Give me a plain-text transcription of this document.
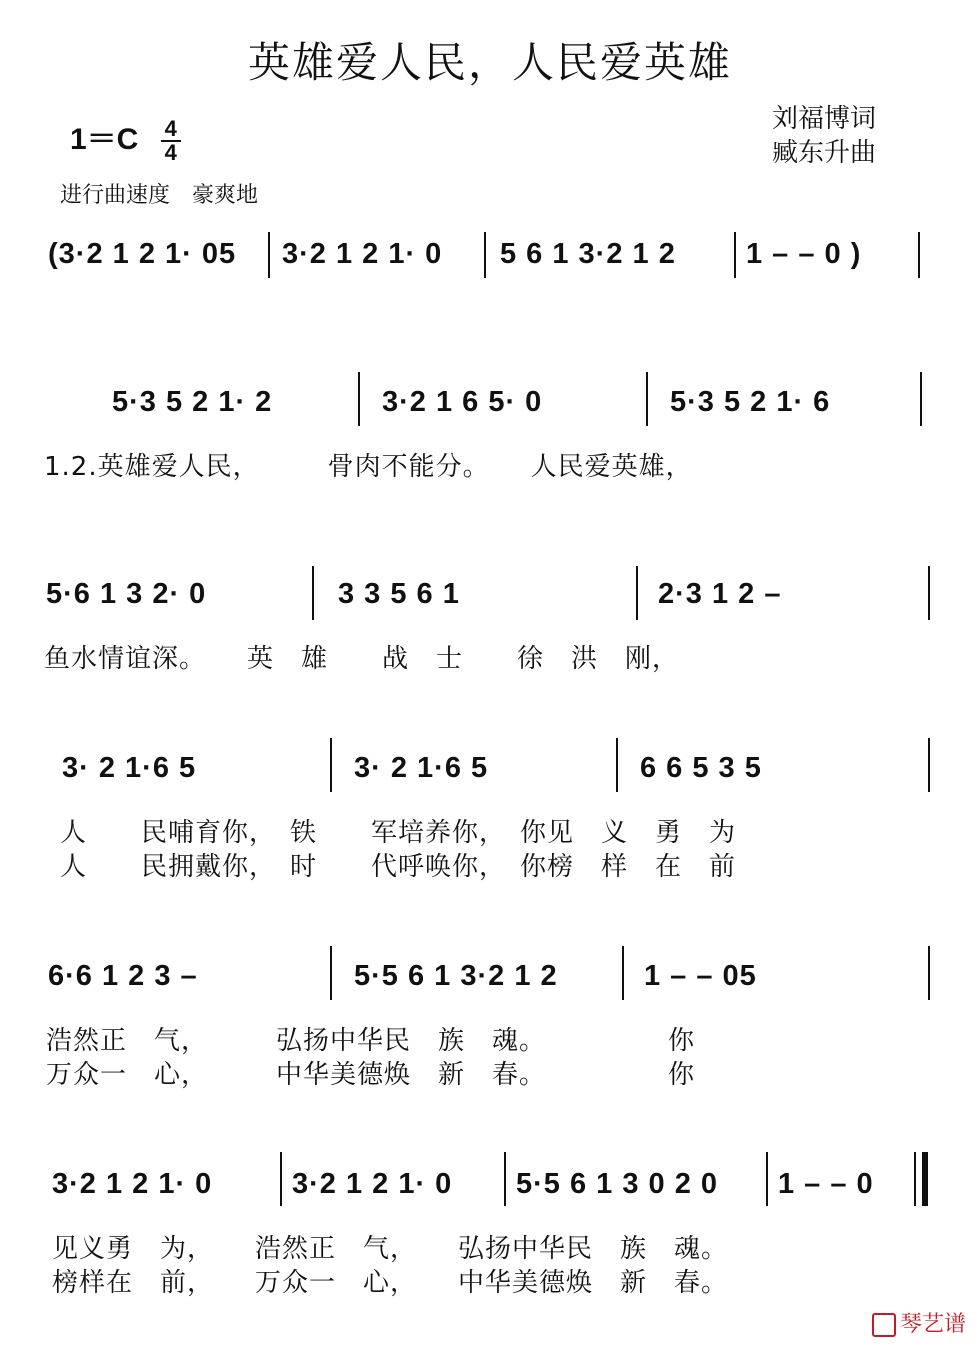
英雄爱人民，人民爱英雄
$1=C \frac{4}{4}$	刘福博词
臧东升曲
进行曲速度　豪爽地
(3·2 1 2 1· 05 3·2 1 2 1· 0 5 6 1 3·2 1 2 1 – – 0 )
5·3 5 2 1· 2	3·2 1 6 5· 0	5·3 5 2 1· 6
1.2.英雄爱人民，　　　骨肉不能分。　　人民爱英雄，
5·6 1 3 2· 0	3 3 5 6 1	2·3 1 2 –
鱼水情谊深。　　英　雄　　战　士　　徐　洪　刚，
3· 2 1·6 5	3· 2 1·6 5	6 6 5 3 5
人　　民哺育你，　铁　　军培养你，　你见　义　勇　为
人　　民拥戴你，　时　　代呼唤你，　你榜　样　在　前
6·6 1 2 3 –	5·5 6 1 3·2 1 2	1 – – 05
浩然正　气，　　　弘扬中华民　族　魂。　　　　　你
万众一　心，　　　中华美德焕　新　春。　　　　　你
3·2 1 2 1· 0	3·2 1 2 1· 0 5·5 6 1 3 0 2 0 1 – – 0
见义勇　为，　　浩然正　气，　　弘扬中华民　族　魂。
榜样在　前，　　万众一　心，　　中华美德焕　新　春。
琴艺谱
